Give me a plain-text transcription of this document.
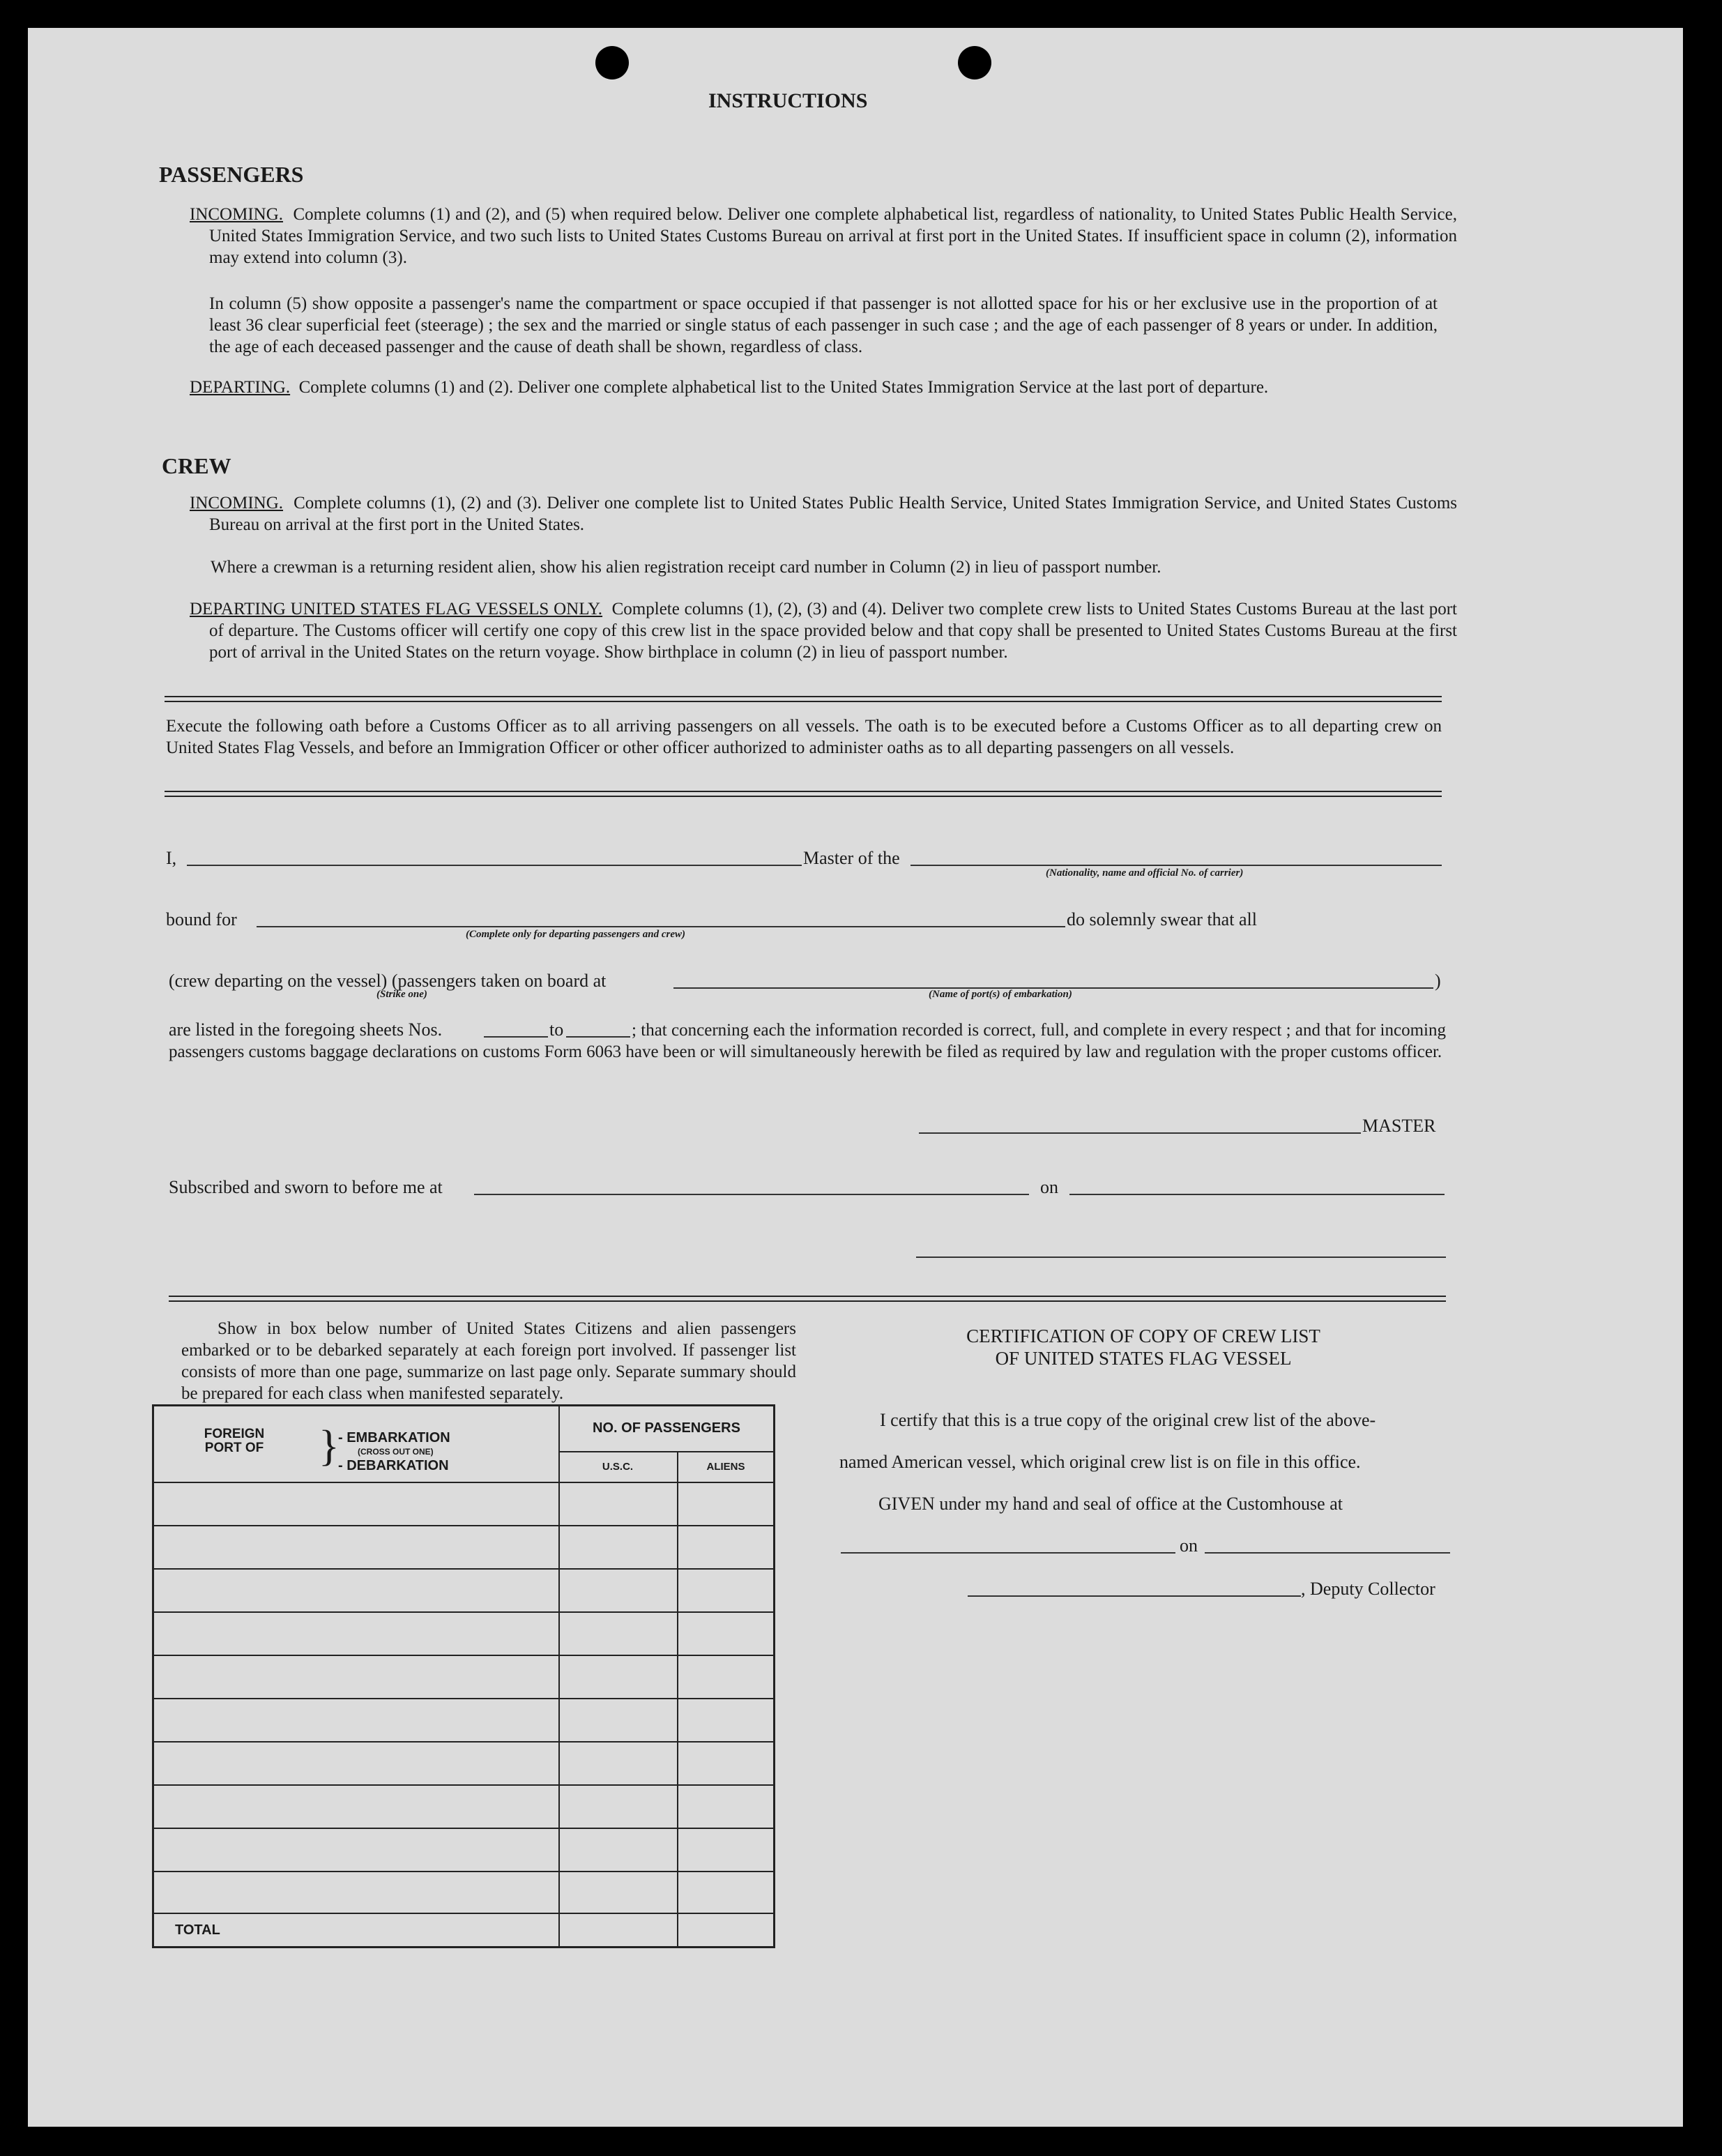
INSTRUCTIONS
PASSENGERS
INCOMING. Complete columns (1) and (2), and (5) when required below. Deliver one complete alphabetical list, regardless of nationality, to United States Public Health Service, United States Immigration Service, and two such lists to United States Customs Bureau on arrival at first port in the United States. If insufficient space in column (2), information may extend into column (3).
In column (5) show opposite a passenger's name the compartment or space occupied if that passenger is not allotted space for his or her exclusive use in the proportion of at least 36 clear superficial feet (steerage) ; the sex and the married or single status of each passenger in such case ; and the age of each passenger of 8 years or under. In addition, the age of each deceased passenger and the cause of death shall be shown, regardless of class.
DEPARTING. Complete columns (1) and (2). Deliver one complete alphabetical list to the United States Immigration Service at the last port of departure.
CREW
INCOMING. Complete columns (1), (2) and (3). Deliver one complete list to United States Public Health Service, United States Immigration Service, and United States Customs Bureau on arrival at the first port in the United States.
Where a crewman is a returning resident alien, show his alien registration receipt card number in Column (2) in lieu of passport number.
DEPARTING UNITED STATES FLAG VESSELS ONLY. Complete columns (1), (2), (3) and (4). Deliver two complete crew lists to United States Customs Bureau at the last port of departure. The Customs officer will certify one copy of this crew list in the space provided below and that copy shall be presented to United States Customs Bureau at the first port of arrival in the United States on the return voyage. Show birthplace in column (2) in lieu of passport number.
Execute the following oath before a Customs Officer as to all arriving passengers on all vessels. The oath is to be executed before a Customs Officer as to all departing crew on United States Flag Vessels, and before an Immigration Officer or other officer authorized to administer oaths as to all departing passengers on all vessels.
I,	Master of the
(Nationality, name and official No. of carrier)
bound for
(Complete only for departing passengers and crew)
do solemnly swear that all
(crew departing on the vessel) (passengers taken on board at
(Strike one)	(Name of port(s) of embarkation)
)
are listed in the foregoing sheets Nos.	to	; that concerning each the information recorded is correct, full, and complete in every respect ; and that for incoming passengers customs baggage declarations on customs Form 6063 have been or will simultaneously herewith be filed as required by law and regulation with the proper customs officer.
MASTER
Subscribed and sworn to before me at	on
Show in box below number of United States Citizens and alien passengers embarked or to be debarked separately at each foreign port involved. If passenger list consists of more than one page, summarize on last page only. Separate summary should be prepared for each class when manifested separately.
FOREIGN PORT OF }
- EMBARKATION
(CROSS OUT ONE)
- DEBARKATION
NO. OF PASSENGERS
U.S.C.	ALIENS
TOTAL
CERTIFICATION OF COPY OF CREW LIST
OF UNITED STATES FLAG VESSEL
I certify that this is a true copy of the original crew list of the above-
named American vessel, which original crew list is on file in this office.
GIVEN under my hand and seal of office at the Customhouse at
on
, Deputy Collector
